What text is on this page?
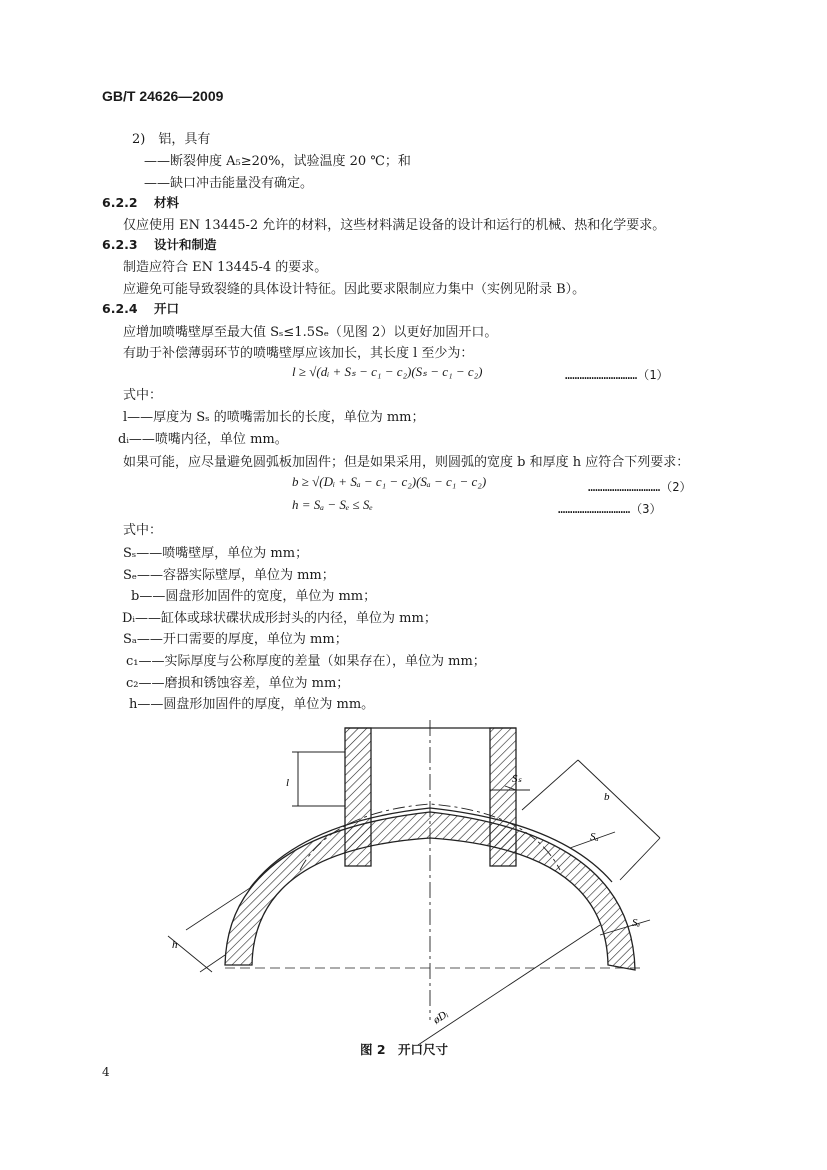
GB/T 24626—2009
2)　铝，具有
——断裂伸度 A₅≥20%，试验温度 20 ℃；和
——缺口冲击能量没有确定。
6.2.2 材料
仅应使用 EN 13445-2 允许的材料，这些材料满足设备的设计和运行的机械、热和化学要求。
6.2.3 设计和制造
制造应符合 EN 13445-4 的要求。
应避免可能导致裂缝的具体设计特征。因此要求限制应力集中（实例见附录 B）。
6.2.4 开口
应增加喷嘴壁厚至最大值 Sₛ≤1.5Sₑ（见图 2）以更好加固开口。
有助于补偿薄弱环节的喷嘴壁厚应该加长，其长度 l 至少为：
l ≥ √(dᵢ + Sₛ − c₁ − c₂)(Sₛ − c₁ − c₂)	…………………………（1）
式中：
l——厚度为 Sₛ 的喷嘴需加长的长度，单位为 mm；
dᵢ——喷嘴内径，单位 mm。
如果可能，应尽量避免圆弧板加固件；但是如果采用，则圆弧的宽度 b 和厚度 h 应符合下列要求：
b ≥ √(Dᵢ + Sₐ − c₁ − c₂)(Sₐ − c₁ − c₂)	…………………………（2）
h = Sₐ − Sₑ ≤ Sₑ	…………………………（3）
式中：
Sₛ——喷嘴壁厚，单位为 mm；
Sₑ——容器实际壁厚，单位为 mm；
b——圆盘形加固件的宽度，单位为 mm；
Dᵢ——缸体或球状碟状成形封头的内径，单位为 mm；
Sₐ——开口需要的厚度，单位为 mm；
c₁——实际厚度与公称厚度的差量（如果存在），单位为 mm；
c₂——磨损和锈蚀容差，单位为 mm；
h——圆盘形加固件的厚度，单位为 mm。
l	Sₛ
b
Sₐ
Sₑ
h
øDᵢ
图 2　开口尺寸
4
